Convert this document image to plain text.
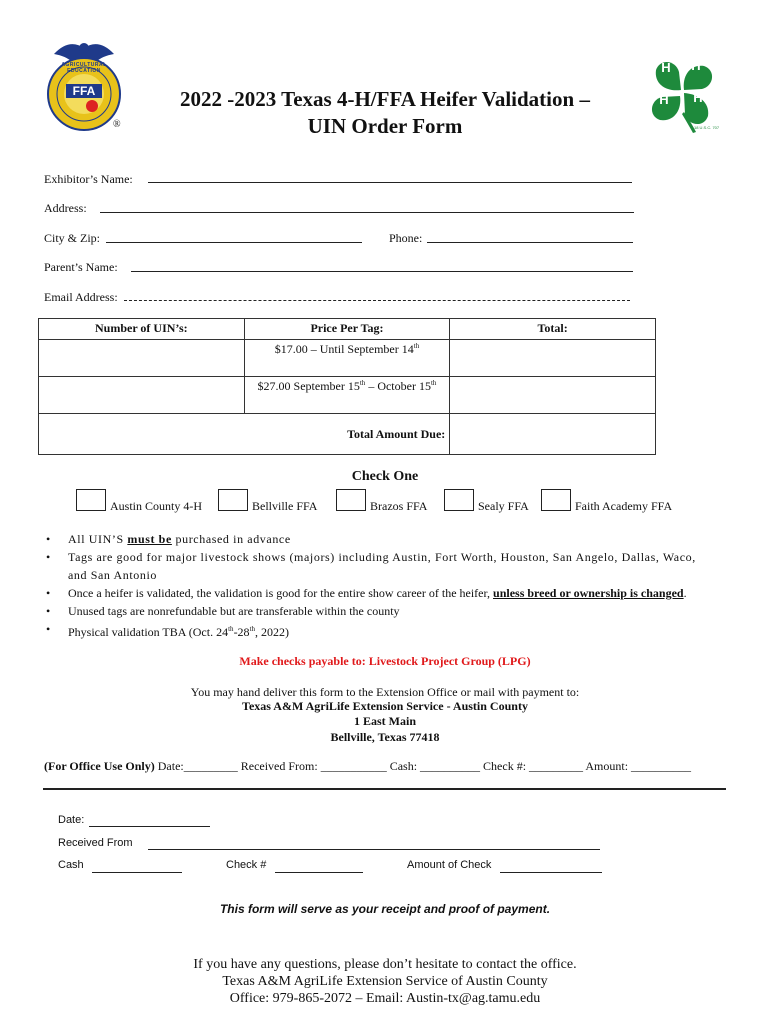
FFA
AGRICULTURAL EDUCATION
®
H	H
H
H
18 U.S.C. 707
2022 -2023 Texas 4-H/FFA Heifer Validation –
UIN Order Form
Exhibitor’s Name:
Address:
City & Zip:	Phone:
Parent’s Name:
Email Address:
Number of UIN’s:	Price Per Tag:	Total:
	$17.00 – Until September 14th	
	$27.00 September 15th – October 15th	
Total Amount Due:		
Check One
Austin County 4-H	Bellville FFA	Brazos FFA	Sealy FFA	Faith Academy FFA
• All UIN’S must be purchased in advance
• Tags are good for major livestock shows (majors) including Austin, Fort Worth, Houston, San Angelo, Dallas, Waco, and San Antonio
• Once a heifer is validated, the validation is good for the entire show career of the heifer, unless breed or ownership is changed.
• Unused tags are nonrefundable but are transferable within the county
• Physical validation TBA (Oct. 24th-28th, 2022)
Make checks payable to: Livestock Project Group (LPG)
You may hand deliver this form to the Extension Office or mail with payment to:
Texas A&M AgriLife Extension Service - Austin County
1 East Main
Bellville, Texas 77418
(For Office Use Only) Date:_________ Received From: ___________ Cash: __________ Check #: _________ Amount: __________
Date:
Received From
Cash	Check #	Amount of Check
This form will serve as your receipt and proof of payment.
If you have any questions, please don’t hesitate to contact the office.
Texas A&M AgriLife Extension Service of Austin County
Office: 979-865-2072 – Email: Austin-tx@ag.tamu.edu
